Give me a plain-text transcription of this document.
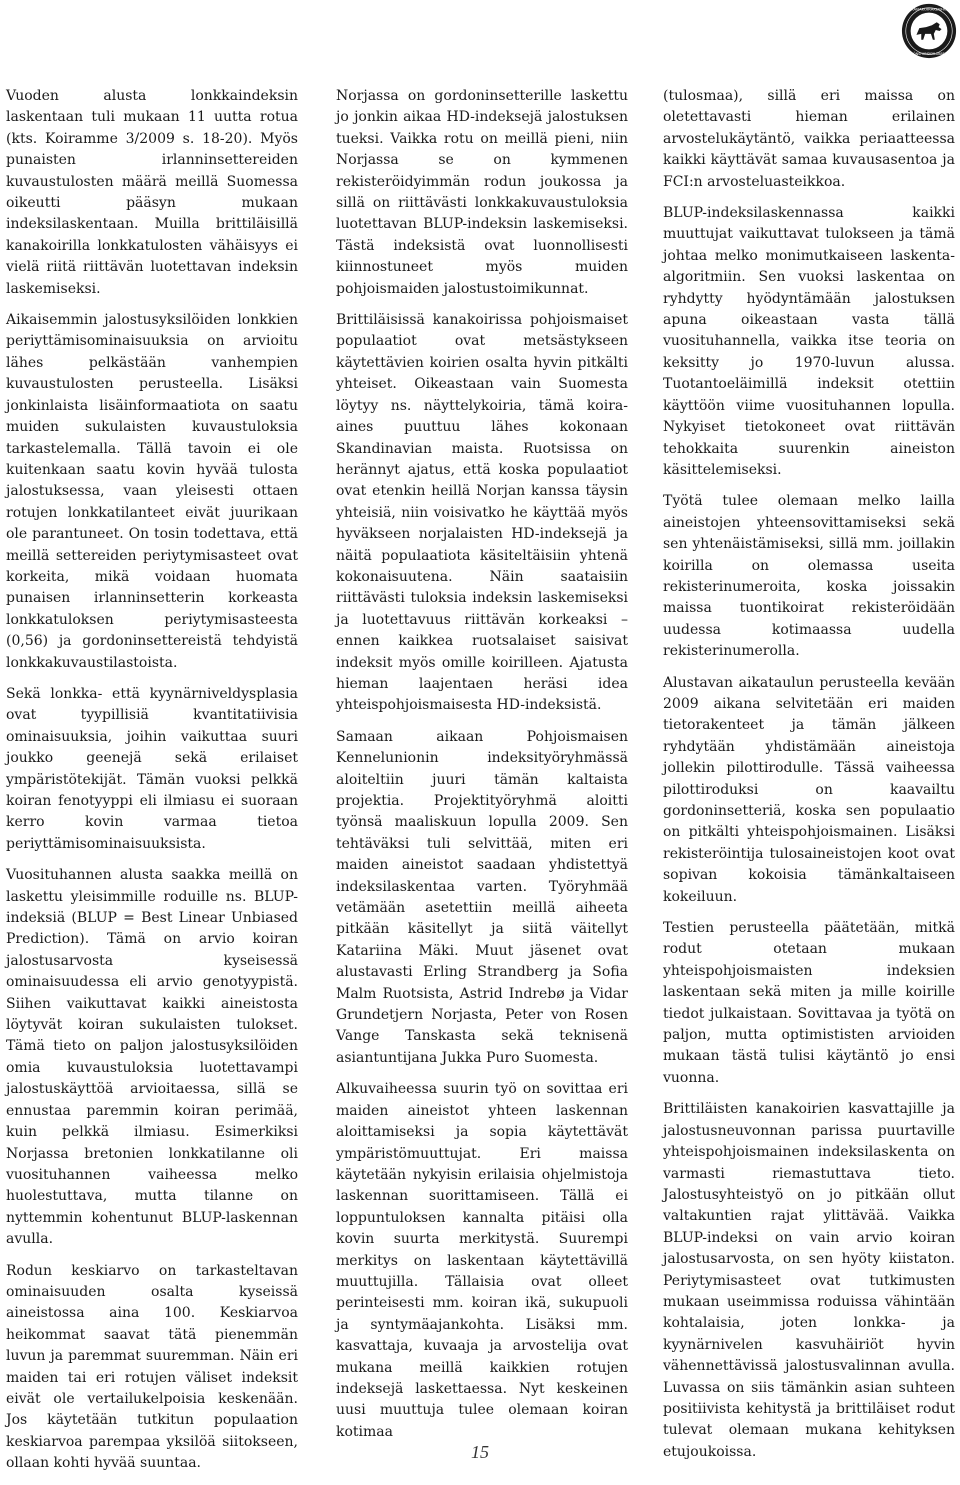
KANAKOIRAKERHO
HÖNSHUNDSKLUBBEN

Vuoden alusta lonkkaindeksin laskentaan tuli mukaan 11 uutta rotua (kts. Koiramme 3/2009 s. 18-20). Myös punaisten irlanninsettereiden kuvaustulosten määrä meillä Suomessa oikeutti pääsyn mukaan indeksilaskentaan. Muilla brittiläisillä kanakoirilla lonkkatulosten vähäisyys ei vielä riitä riittävän luotettavan indeksin laskemiseksi.

Aikaisemmin jalostusyksilöiden lonkkien periyttämisominaisuuksia on arvioitu lähes pelkästään vanhempien kuvaustulosten perusteella. Lisäksi jonkinlaista lisäinformaatiota on saatu muiden sukulaisten kuvaustuloksia tarkastelemalla. Tällä tavoin ei ole kuitenkaan saatu kovin hyvää tulosta jalostuksessa, vaan yleisesti ottaen rotujen lonkkatilanteet eivät juurikaan ole parantuneet. On tosin todettava, että meillä settereiden periytymisasteet ovat korkeita, mikä voidaan huomata punaisen irlanninsetterin korkeasta lonkkatuloksen periytymisasteesta (0,56) ja gordoninsettereistä tehdyistä lonkkakuvaustilastoista.

Sekä lonkka- että kyynärniveldysplasia ovat tyypillisiä kvantitatiivisia ominaisuuksia, joihin vaikuttaa suuri joukko geenejä sekä erilaiset ympäristötekijät. Tämän vuoksi pelkkä koiran fenotyyppi eli ilmiasu ei suoraan kerro kovin varmaa tietoa periyttämisominaisuuksista.

Vuosituhannen alusta saakka meillä on laskettu yleisimmille roduille ns. BLUP-indeksiä (BLUP = Best Linear Unbiased Prediction). Tämä on arvio koiran jalostusarvosta kyseisessä ominaisuudessa eli arvio genotyypistä. Siihen vaikuttavat kaikki aineistosta löytyvät koiran sukulaisten tulokset. Tämä tieto on paljon jalostusyksilöiden omia kuvaustuloksia luotettavampi jalostuskäyttöä arvioitaessa, sillä se ennustaa paremmin koiran perimää, kuin pelkkä ilmiasu. Esimerkiksi Norjassa bretonien lonkkatilanne oli vuosituhannen vaiheessa melko huolestuttava, mutta tilanne on nyttemmin kohentunut BLUP-laskennan avulla.

Rodun keskiarvo on tarkasteltavan ominaisuuden osalta kyseissä aineistossa aina 100. Keskiarvoa heikommat saavat tätä pienemmän luvun ja paremmat suuremman. Näin eri maiden tai eri rotujen väliset indeksit eivät ole vertailukelpoisia keskenään. Jos käytetään tutkitun populaation keskiarvoa parempaa yksilöä siitokseen, ollaan kohti hyvää suuntaa.

Norjassa on gordoninsetterille laskettu jo jonkin aikaa HD-indeksejä jalostuksen tueksi. Vaikka rotu on meillä pieni, niin Norjassa se on kymmenen rekisteröidyimmän rodun joukossa ja sillä on riittävästi lonkkakuvaustuloksia luotettavan BLUP-indeksin laskemiseksi. Tästä indeksistä ovat luonnollisesti kiinnostuneet myös muiden pohjoismaiden jalostustoimikunnat.

Brittiläisissä kanakoirissa pohjoismaiset populaatiot ovat metsästykseen käytettävien koirien osalta hyvin pitkälti yhteiset. Oikeastaan vain Suomesta löytyy ns. näyttelykoiria, tämä koira-aines puuttuu lähes kokonaan Skandinavian maista. Ruotsissa on herännyt ajatus, että koska populaatiot ovat etenkin heillä Norjan kanssa täysin yhteisiä, niin voisivatko he käyttää myös hyväkseen norjalaisten HD-indeksejä ja näitä populaatiota käsiteltäisiin yhtenä kokonaisuutena. Näin saataisiin riittävästi tuloksia indeksin laskemiseksi ja luotettavuus riittävän korkeaksi – ennen kaikkea ruotsalaiset saisivat indeksit myös omille koirilleen. Ajatusta hieman laajentaen heräsi idea yhteispohjoismaisesta HD-indeksistä.

Samaan aikaan Pohjoismaisen Kennelunionin indeksityöryhmässä aloiteltiin juuri tämän kaltaista projektia. Projektityöryhmä aloitti työnsä maaliskuun lopulla 2009. Sen tehtäväksi tuli selvittää, miten eri maiden aineistot saadaan yhdistettyä indeksilaskentaa varten. Työryhmää vetämään asetettiin meillä aiheeta pitkään käsitellyt ja siitä väitellyt Katariina Mäki. Muut jäsenet ovat alustavasti Erling Strandberg ja Sofia Malm Ruotsista, Astrid Indrebø ja Vidar Grundetjern Norjasta, Peter von Rosen Vange Tanskasta sekä teknisenä asiantuntijana Jukka Puro Suomesta.

Alkuvaiheessa suurin työ on sovittaa eri maiden aineistot yhteen laskennan aloittamiseksi ja sopia käytettävät ympäristömuuttujat. Eri maissa käytetään nykyisin erilaisia ohjelmistoja laskennan suorittamiseen. Tällä ei loppuntuloksen kannalta pitäisi olla kovin suurta merkitystä. Suurempi merkitys on laskentaan käytettävillä muuttujilla. Tällaisia ovat olleet perinteisesti mm. koiran ikä, sukupuoli ja syntymäajankohta. Lisäksi mm. kasvattaja, kuvaaja ja arvostelija ovat mukana meillä kaikkien rotujen indeksejä laskettaessa. Nyt keskeinen uusi muuttuja tulee olemaan koiran kotimaa

(tulosmaa), sillä eri maissa on oletettavasti hieman erilainen arvostelukäytäntö, vaikka periaatteessa kaikki käyttävät samaa kuvausasentoa ja FCI:n arvosteluasteikkoa.

BLUP-indeksilaskennassa kaikki muuttujat vaikuttavat tulokseen ja tämä johtaa melko monimutkaiseen laskenta-algoritmiin. Sen vuoksi laskentaa on ryhdytty hyödyntämään jalostuksen apuna oikeastaan vasta tällä vuosituhannella, vaikka itse teoria on keksitty jo 1970-luvun alussa. Tuotantoeläimillä indeksit otettiin käyttöön viime vuosituhannen lopulla. Nykyiset tietokoneet ovat riittävän tehokkaita suurenkin aineiston käsittelemiseksi.

Työtä tulee olemaan melko lailla aineistojen yhteensovittamiseksi sekä sen yhtenäistämiseksi, sillä mm. joillakin koirilla on olemassa useita rekisterinumeroita, koska joissakin maissa tuontikoirat rekisteröidään uudessa kotimaassa uudella rekisterinumerolla.

Alustavan aikataulun perusteella kevään 2009 aikana selvitetään eri maiden tietorakenteet ja tämän jälkeen ryhdytään yhdistämään aineistoja jollekin pilottirodulle. Tässä vaiheessa pilottiroduksi on kaavailtu gordoninsetteriä, koska sen populaatio on pitkälti yhteispohjoismainen. Lisäksi rekisteröintija tulosaineistojen koot ovat sopivan kokoisia tämänkaltaiseen kokeiluun.

Testien perusteella päätetään, mitkä rodut otetaan mukaan yhteispohjoismaisten indeksien laskentaan sekä miten ja mille koirille tiedot julkaistaan. Sovittavaa ja työtä on paljon, mutta optimististen arvioiden mukaan tästä tulisi käytäntö jo ensi vuonna.

Brittiläisten kanakoirien kasvattajille ja jalostusneuvonnan parissa puurtaville yhteispohjoismainen indeksilaskenta on varmasti riemastuttava tieto. Jalostusyhteistyö on jo pitkään ollut valtakuntien rajat ylittävää. Vaikka BLUP-indeksi on vain arvio koiran jalostusarvosta, on sen hyöty kiistaton. Periytymisasteet ovat tutkimusten mukaan useimmissa roduissa vähintään kohtalaisia, joten lonkka- ja kyynärnivelen kasvuhäiriöt hyvin vähennettävissä jalostusvalinnan avulla. Luvassa on siis tämänkin asian suhteen positiivista kehitystä ja brittiläiset rodut tulevat olemaan mukana kehityksen etujoukoissa.

15
